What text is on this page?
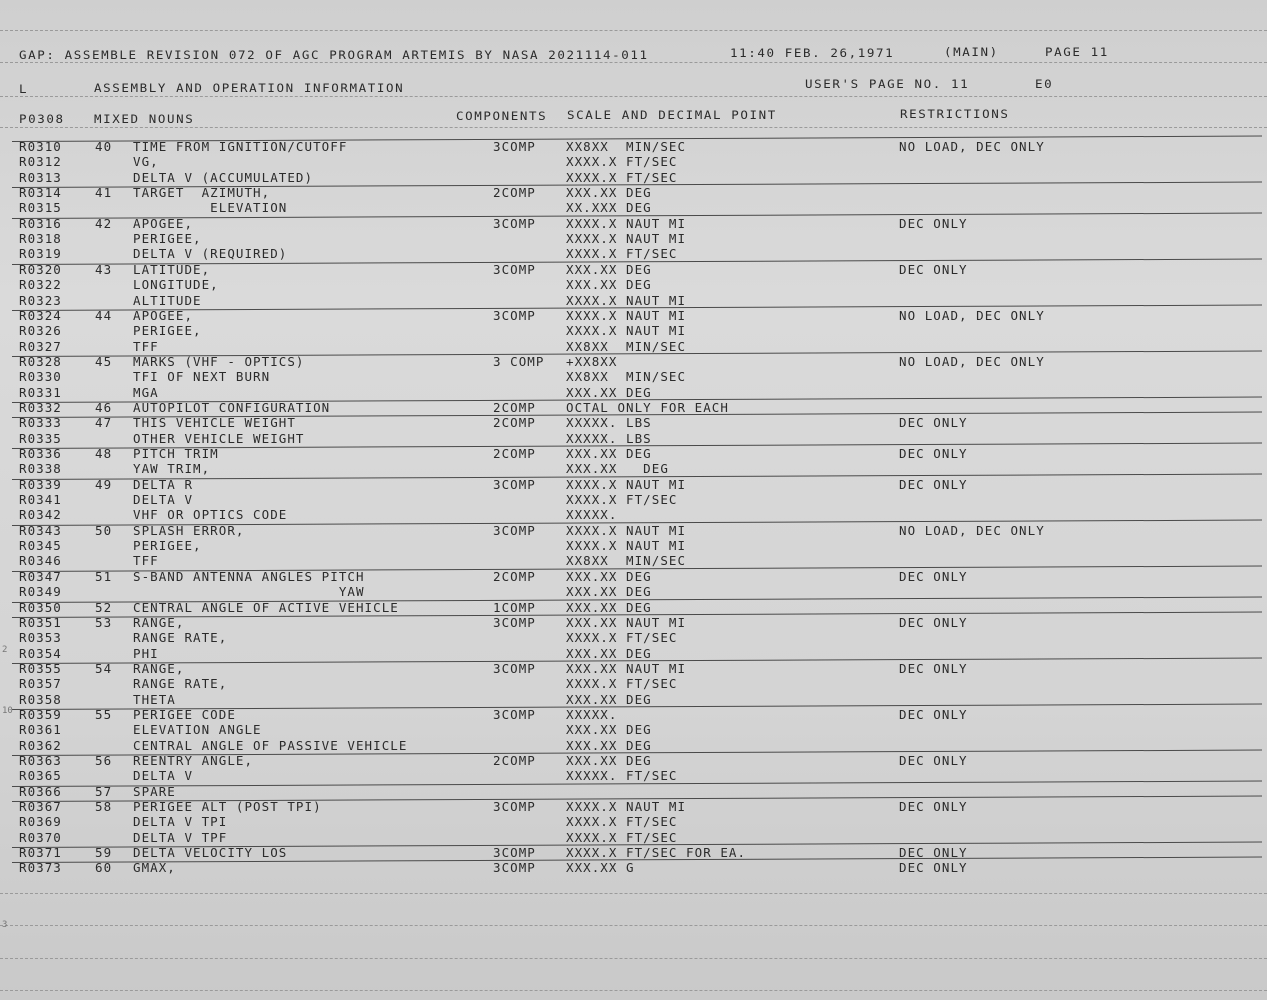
GAP: ASSEMBLE REVISION 072 OF AGC PROGRAM ARTEMIS BY NASA 2021114-011	11:40 FEB. 26,1971	(MAIN)	PAGE 11
L	ASSEMBLY AND OPERATION INFORMATION	USER'S PAGE NO. 11	E0
P0308 MIXED NOUNS	COMPONENTS SCALE AND DECIMAL POINT	RESTRICTIONS
R0310	40 TIME FROM IGNITION/CUTOFF	3COMP XX8XX  MIN/SEC	NO LOAD, DEC ONLY
R0312	VG,	XXXX.X FT/SEC
R0313	DELTA V (ACCUMULATED)	XXXX.X FT/SEC
R0314	41 TARGET  AZIMUTH,	2COMP XXX.XX DEG
R0315	ELEVATION	XX.XXX DEG
R0316	42 APOGEE,	3COMP XXXX.X NAUT MI	DEC ONLY
R0318	PERIGEE,	XXXX.X NAUT MI
R0319	DELTA V (REQUIRED)	XXXX.X FT/SEC
R0320	43 LATITUDE,	3COMP XXX.XX DEG	DEC ONLY
R0322	LONGITUDE,	XXX.XX DEG
R0323	ALTITUDE	XXXX.X NAUT MI
R0324	44 APOGEE,	3COMP XXXX.X NAUT MI	NO LOAD, DEC ONLY
R0326	PERIGEE,	XXXX.X NAUT MI
R0327	TFF	XX8XX  MIN/SEC
R0328	45 MARKS (VHF - OPTICS)	3 COMP +XX8XX	NO LOAD, DEC ONLY
R0330	TFI OF NEXT BURN	XX8XX  MIN/SEC
R0331	MGA	XXX.XX DEG
R0332	46 AUTOPILOT CONFIGURATION	2COMP OCTAL ONLY FOR EACH
R0333	47 THIS VEHICLE WEIGHT	2COMP XXXXX. LBS	DEC ONLY
R0335	OTHER VEHICLE WEIGHT	XXXXX. LBS
R0336	48 PITCH TRIM	2COMP XXX.XX DEG	DEC ONLY
R0338	YAW TRIM,	XXX.XX   DEG
R0339	49 DELTA R	3COMP XXXX.X NAUT MI	DEC ONLY
R0341	DELTA V	XXXX.X FT/SEC
R0342	VHF OR OPTICS CODE	XXXXX.
R0343	50 SPLASH ERROR,	3COMP XXXX.X NAUT MI	NO LOAD, DEC ONLY
R0345	PERIGEE,	XXXX.X NAUT MI
R0346	TFF	XX8XX  MIN/SEC
R0347	51 S-BAND ANTENNA ANGLES PITCH	2COMP XXX.XX DEG	DEC ONLY
R0349	YAW	XXX.XX DEG
R0350	52 CENTRAL ANGLE OF ACTIVE VEHICLE	1COMP XXX.XX DEG
R0351	53 RANGE,	3COMP XXX.XX NAUT MI	DEC ONLY
R0353	RANGE RATE,	XXXX.X FT/SEC
R0354	PHI	XXX.XX DEG
R0355	54 RANGE,	3COMP XXX.XX NAUT MI	DEC ONLY
R0357	RANGE RATE,	XXXX.X FT/SEC
R0358	THETA	XXX.XX DEG
R0359	55 PERIGEE CODE	3COMP XXXXX.	DEC ONLY
R0361	ELEVATION ANGLE	XXX.XX DEG
R0362	CENTRAL ANGLE OF PASSIVE VEHICLE	XXX.XX DEG
R0363	56 REENTRY ANGLE,	2COMP XXX.XX DEG	DEC ONLY
R0365	DELTA V	XXXXX. FT/SEC
R0366	57 SPARE
R0367	58 PERIGEE ALT (POST TPI)	3COMP XXXX.X NAUT MI	DEC ONLY
R0369	DELTA V TPI	XXXX.X FT/SEC
R0370	DELTA V TPF	XXXX.X FT/SEC
R0371	59 DELTA VELOCITY LOS	3COMP XXXX.X FT/SEC FOR EA.	DEC ONLY
R0373	60 GMAX,	3COMP XXX.XX G	DEC ONLY
2
10
3
